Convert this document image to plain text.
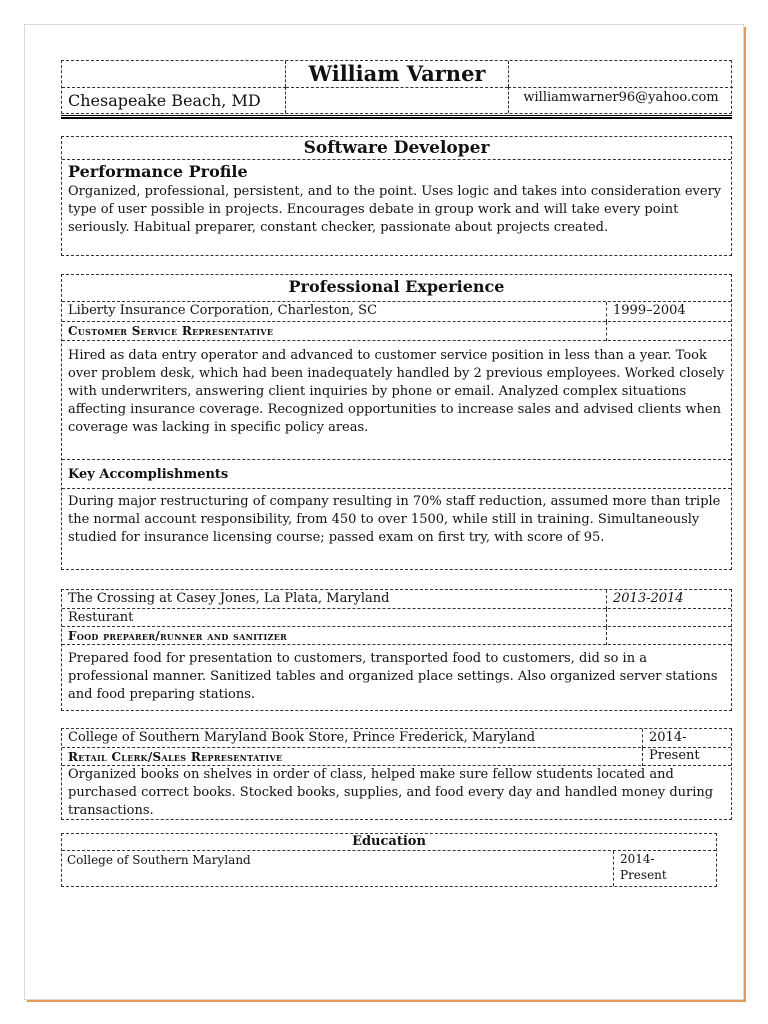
William Varner
Chesapeake Beach, MD	williamwarner96@yahoo.com
Software Developer
Performance Profile
Organized, professional, persistent, and to the point. Uses logic and takes into consideration every type of user possible in projects. Encourages debate in group work and will take every point seriously. Habitual preparer, constant checker, passionate about projects created.
Professional Experience
Liberty Insurance Corporation, Charleston, SC	1999–2004
Customer Service Representative
Hired as data entry operator and advanced to customer service position in less than a year. Took over problem desk, which had been inadequately handled by 2 previous employees. Worked closely with underwriters, answering client inquiries by phone or email. Analyzed complex situations affecting insurance coverage. Recognized opportunities to increase sales and advised clients when coverage was lacking in specific policy areas.
Key Accomplishments
During major restructuring of company resulting in 70% staff reduction, assumed more than triple the normal account responsibility, from 450 to over 1500, while still in training. Simultaneously studied for insurance licensing course; passed exam on first try, with score of 95.
The Crossing at Casey Jones, La Plata, Maryland	2013-2014
Resturant
Food preparer/runner and sanitizer
Prepared food for presentation to customers, transported food to customers, did so in a professional manner. Sanitized tables and organized place settings. Also organized server stations and food preparing stations.
College of Southern Maryland Book Store, Prince Frederick, Maryland	2014-Present
Retail Clerk/Sales Representative
Organized books on shelves in order of class, helped make sure fellow students located and purchased correct books. Stocked books, supplies, and food every day and handled money during transactions.
Education
College of Southern Maryland	2014-Present
